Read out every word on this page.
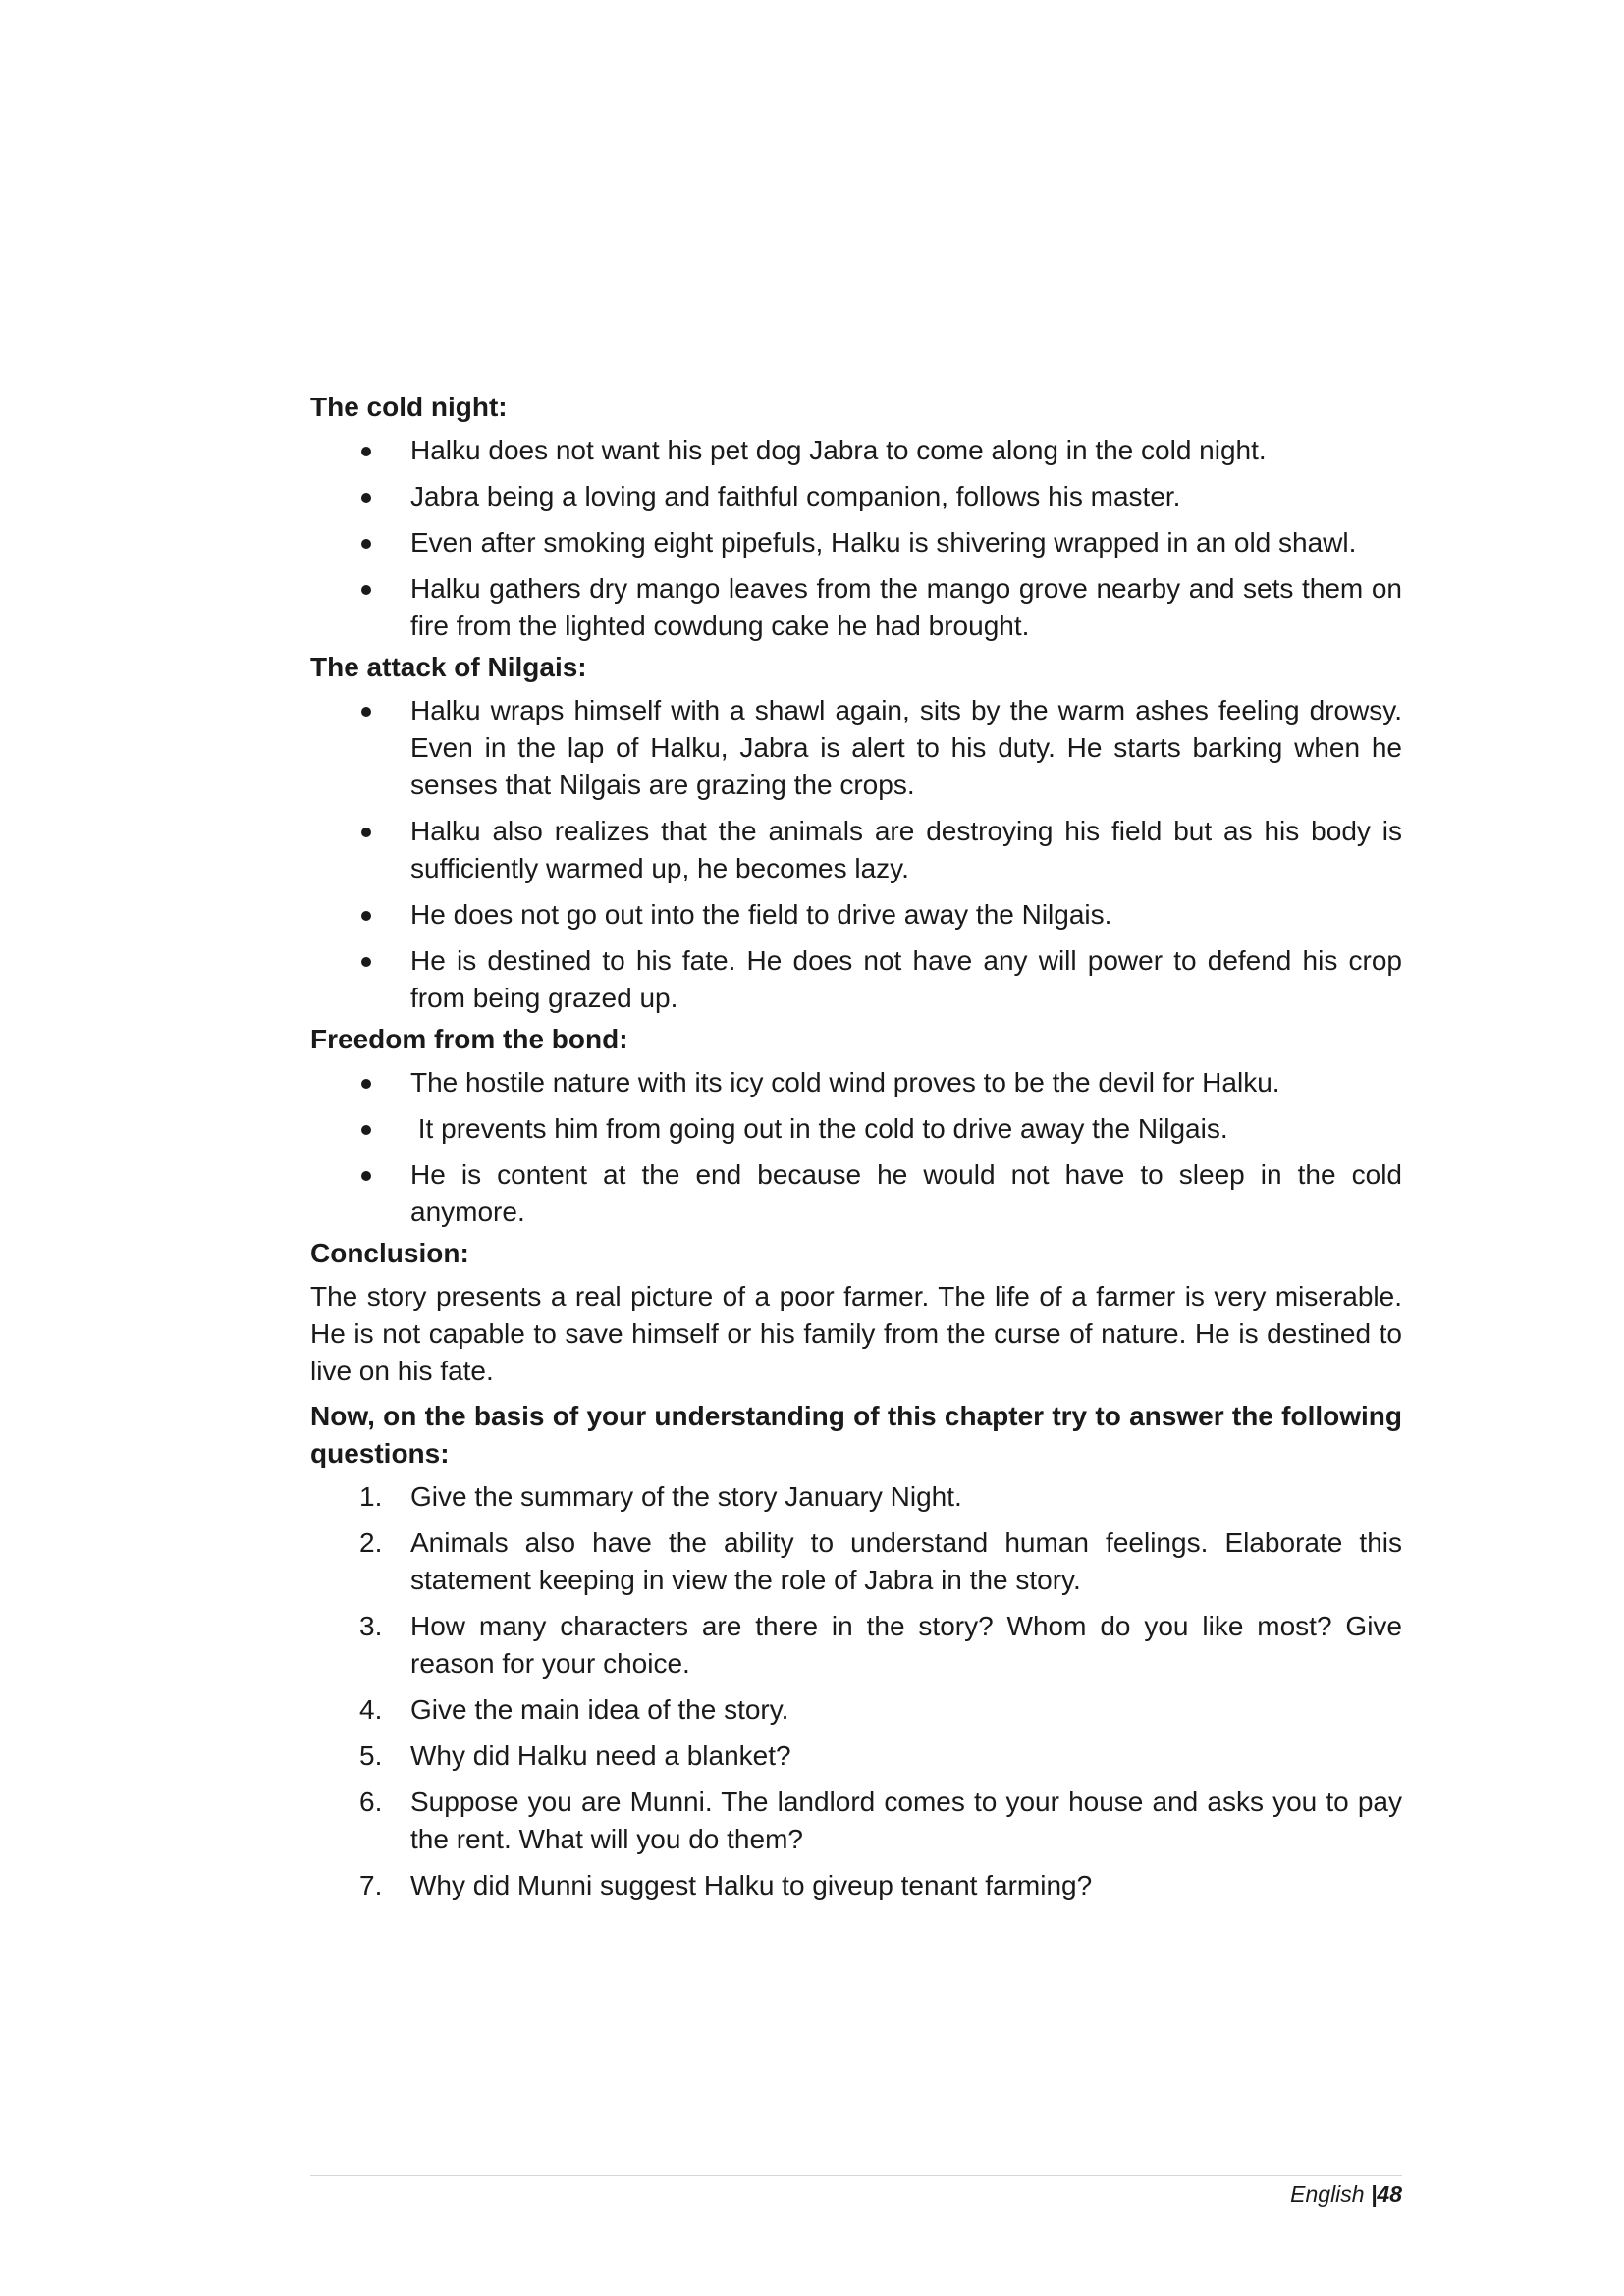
The cold night:
Halku does not want his pet dog Jabra to come along in the cold night.
Jabra being a loving and faithful companion, follows his master.
Even after smoking eight pipefuls, Halku is shivering wrapped in an old shawl.
Halku gathers dry mango leaves from the mango grove nearby and sets them on fire from the lighted cowdung cake he had brought.
The attack of Nilgais:
Halku wraps himself with a shawl again, sits by the warm ashes feeling drowsy. Even in the lap of Halku, Jabra is alert to his duty. He starts barking when he senses that Nilgais are grazing the crops.
Halku also realizes that the animals are destroying his field but as his body is sufficiently warmed up, he becomes lazy.
He does not go out into the field to drive away the Nilgais.
He is destined to his fate. He does not have any will power to defend his crop from being grazed up.
Freedom from the bond:
The hostile nature with its icy cold wind proves to be the devil for Halku.
It prevents him from going out in the cold to drive away the Nilgais.
He is content at the end because he would not have to sleep in the cold anymore.
Conclusion:

The story presents a real picture of a poor farmer. The life of a farmer is very miserable. He is not capable to save himself or his family from the curse of nature. He is destined to live on his fate.

Now, on the basis of your understanding of this chapter try to answer the following questions:

1. Give the summary of the story January Night.
2. Animals also have the ability to understand human feelings. Elaborate this statement keeping in view the role of Jabra in the story.
3. How many characters are there in the story? Whom do you like most? Give reason for your choice.
4. Give the main idea of the story.
5. Why did Halku need a blanket?
6. Suppose you are Munni. The landlord comes to your house and asks you to pay the rent. What will you do them?
7. Why did Munni suggest Halku to giveup tenant farming?
English |48
